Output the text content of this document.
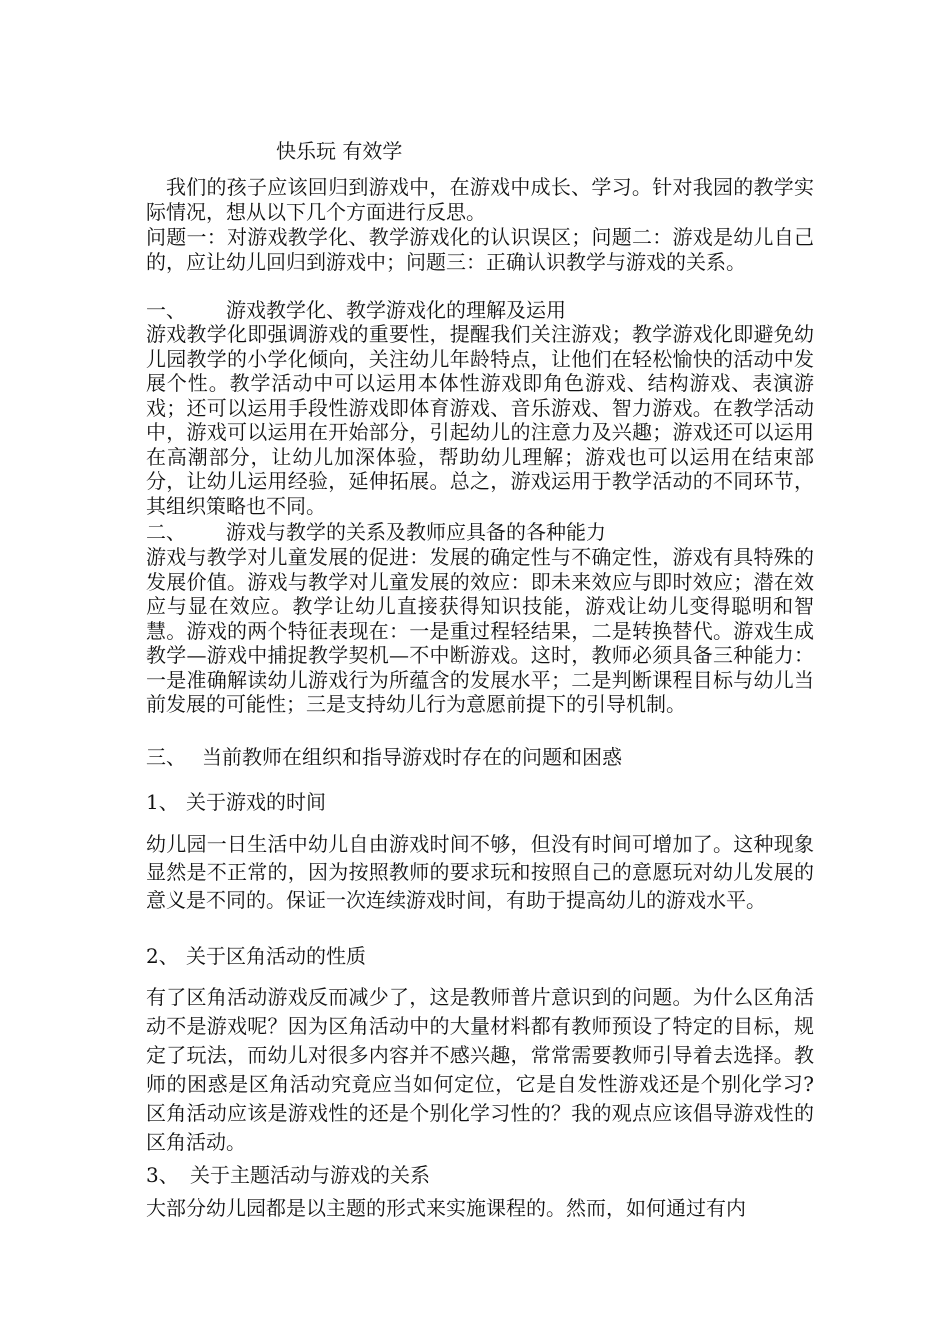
快乐玩 有效学
我们的孩子应该回归到游戏中，在游戏中成长、学习。针对我园的教学实际情况，想从以下几个方面进行反思。
问题一：对游戏教学化、教学游戏化的认识误区；问题二：游戏是幼儿自己的，应让幼儿回归到游戏中；问题三：正确认识教学与游戏的关系。
一、 游戏教学化、教学游戏化的理解及运用
游戏教学化即强调游戏的重要性，提醒我们关注游戏；教学游戏化即避免幼儿园教学的小学化倾向，关注幼儿年龄特点，让他们在轻松愉快的活动中发展个性。教学活动中可以运用本体性游戏即角色游戏、结构游戏、表演游戏；还可以运用手段性游戏即体育游戏、音乐游戏、智力游戏。在教学活动中，游戏可以运用在开始部分，引起幼儿的注意力及兴趣；游戏还可以运用在高潮部分，让幼儿加深体验，帮助幼儿理解；游戏也可以运用在结束部分，让幼儿运用经验，延伸拓展。总之，游戏运用于教学活动的不同环节，其组织策略也不同。
二、 游戏与教学的关系及教师应具备的各种能力
游戏与教学对儿童发展的促进：发展的确定性与不确定性，游戏有具特殊的发展价值。游戏与教学对儿童发展的效应：即未来效应与即时效应；潜在效应与显在效应。教学让幼儿直接获得知识技能，游戏让幼儿变得聪明和智慧。游戏的两个特征表现在：一是重过程轻结果，二是转换替代。游戏生成教学—游戏中捕捉教学契机—不中断游戏。这时，教师必须具备三种能力：一是准确解读幼儿游戏行为所蕴含的发展水平；二是判断课程目标与幼儿当前发展的可能性；三是支持幼儿行为意愿前提下的引导机制。
三、 当前教师在组织和指导游戏时存在的问题和困惑
1、 关于游戏的时间
幼儿园一日生活中幼儿自由游戏时间不够，但没有时间可增加了。这种现象显然是不正常的，因为按照教师的要求玩和按照自己的意愿玩对幼儿发展的意义是不同的。保证一次连续游戏时间，有助于提高幼儿的游戏水平。
2、 关于区角活动的性质
有了区角活动游戏反而减少了，这是教师普片意识到的问题。为什么区角活动不是游戏呢？因为区角活动中的大量材料都有教师预设了特定的目标，规定了玩法，而幼儿对很多内容并不感兴趣，常常需要教师引导着去选择。教师的困惑是区角活动究竟应当如何定位，它是自发性游戏还是个别化学习?区角活动应该是游戏性的还是个别化学习性的？我的观点应该倡导游戏性的区角活动。
3、 关于主题活动与游戏的关系
大部分幼儿园都是以主题的形式来实施课程的。然而，如何通过有内
